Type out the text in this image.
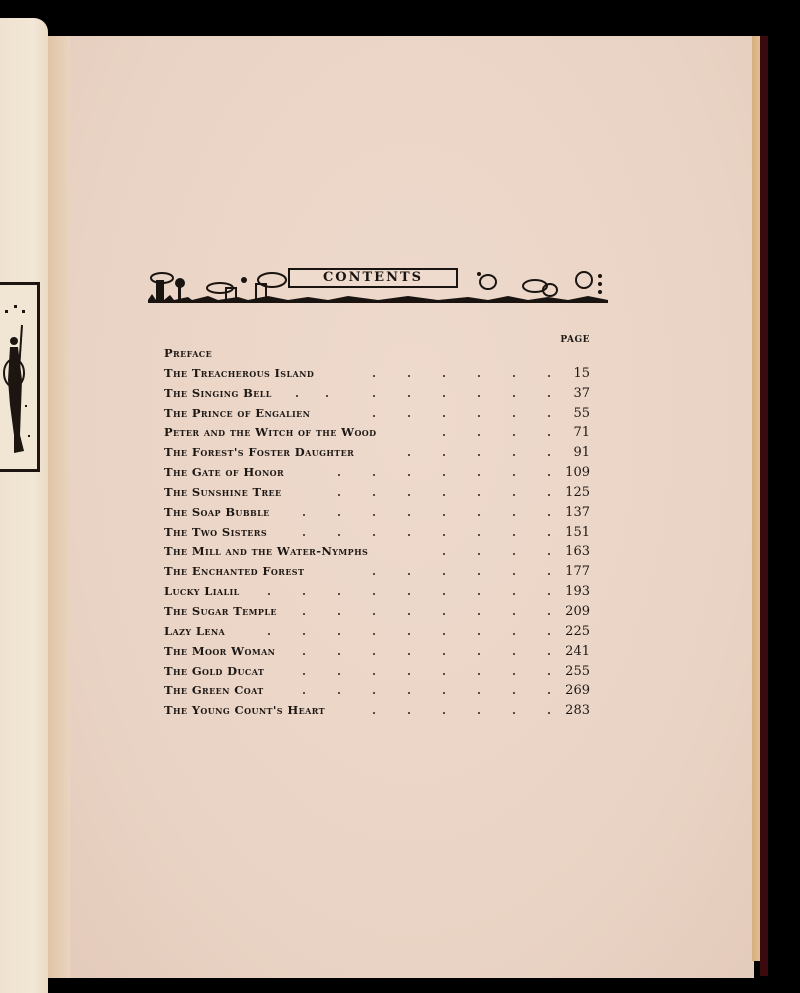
CONTENTS
PAGE
Preface
The Treacherous Island	15
The Singing Bell	37
The Prince of Engalien	55
Peter and the Witch of the Wood	71
The Forest's Foster Daughter	91
The Gate of Honor	109
The Sunshine Tree	125
The Soap Bubble	137
The Two Sisters	151
The Mill and the Water-Nymphs	163
The Enchanted Forest	177
Lucky Lialil	193
The Sugar Temple	209
Lazy Lena	225
The Moor Woman	241
The Gold Ducat	255
The Green Coat	269
The Young Count's Heart	283
